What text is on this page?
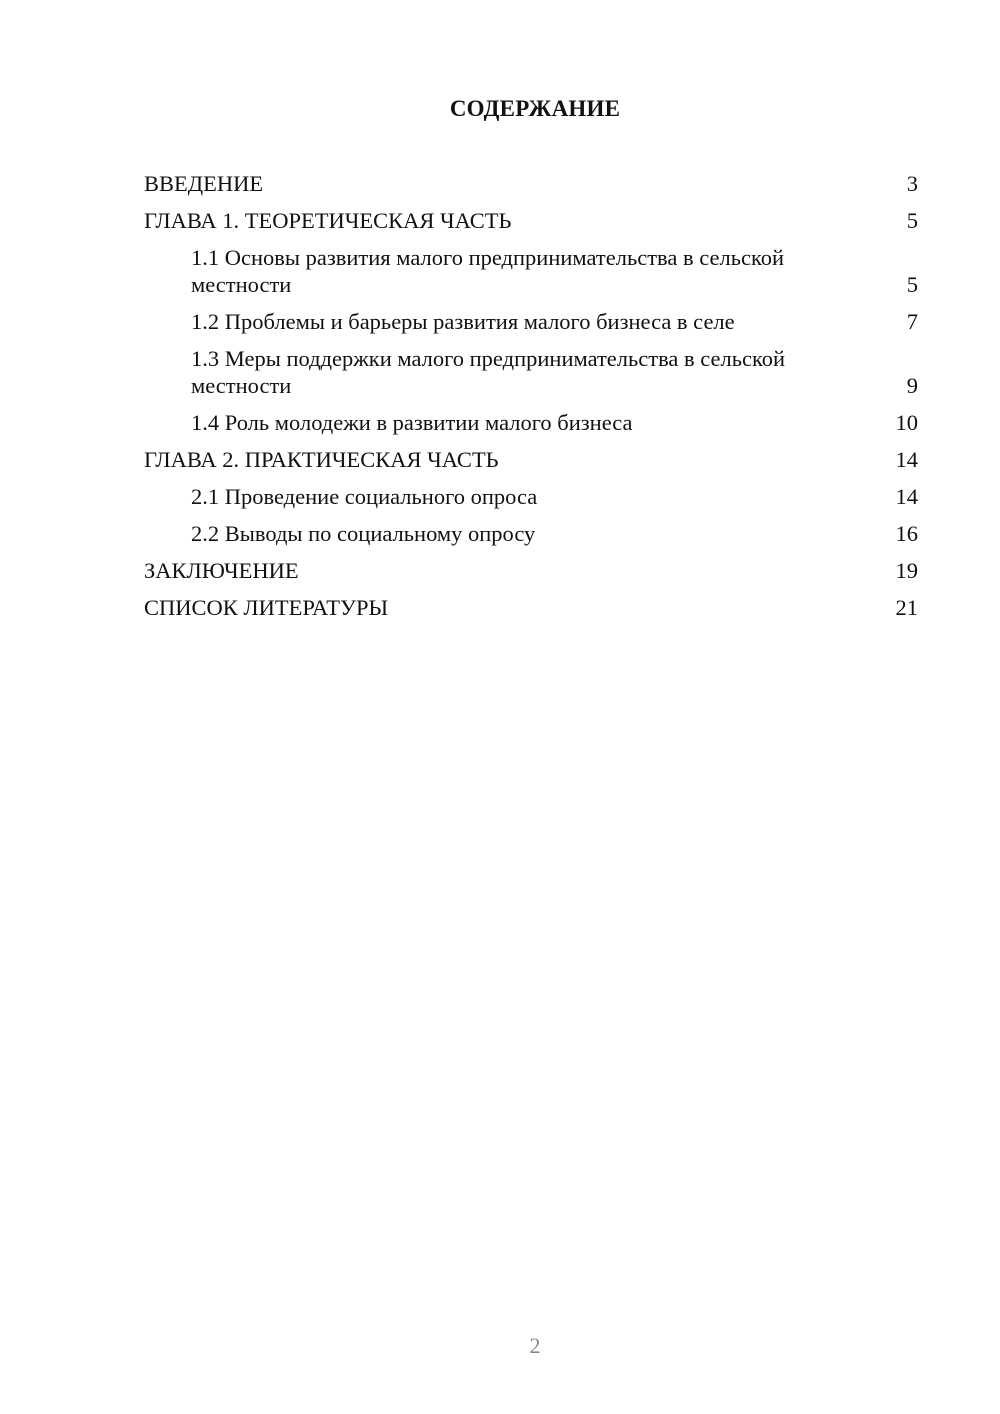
СОДЕРЖАНИЕ
ВВЕДЕНИЕ	3
ГЛАВА 1. ТЕОРЕТИЧЕСКАЯ ЧАСТЬ	5
1.1 Основы развития малого предпринимательства в сельской местности	5
1.2 Проблемы и барьеры развития малого бизнеса в селе	7
1.3 Меры поддержки малого предпринимательства в сельской местности	9
1.4 Роль молодежи в развитии малого бизнеса	10
ГЛАВА 2. ПРАКТИЧЕСКАЯ ЧАСТЬ	14
2.1 Проведение социального опроса	14
2.2 Выводы по социальному опросу	16
ЗАКЛЮЧЕНИЕ	19
СПИСОК ЛИТЕРАТУРЫ	21
2
